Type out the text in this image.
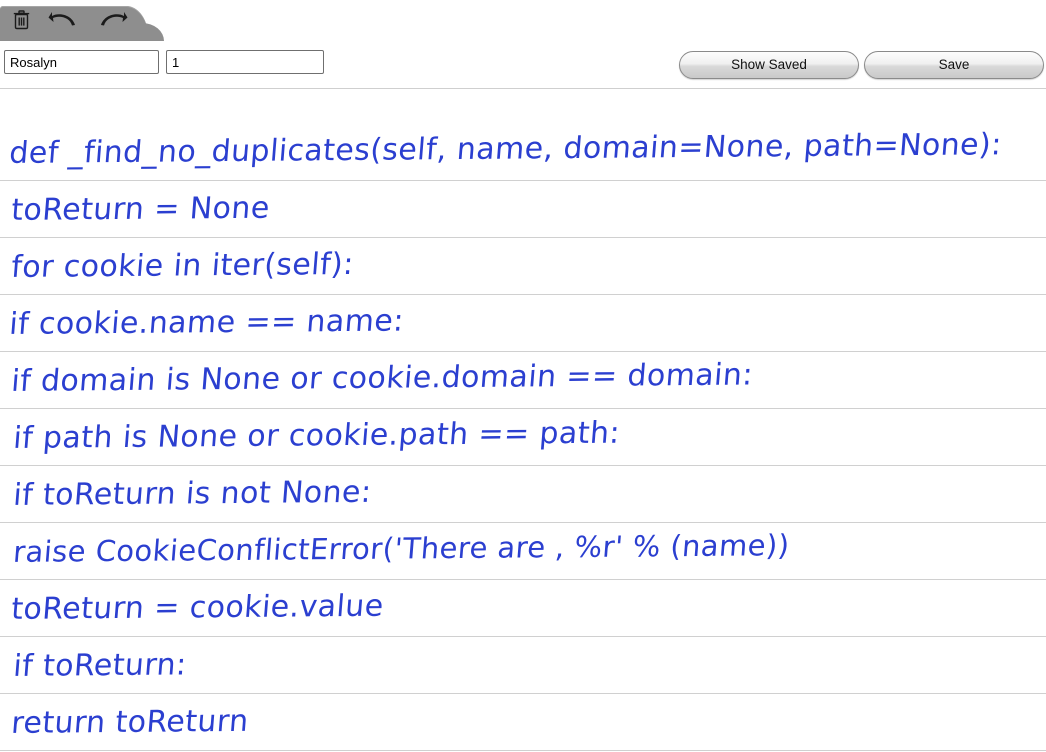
Rosalyn
1
Show Saved	Save
def _find_no_duplicates(self, name, domain=None, path=None):
toReturn = None
for cookie in iter(self):
if cookie.name == name:
if domain is None or cookie.domain == domain:
if path is None or cookie.path == path:
if toReturn is not None:
raise CookieConflictError('There are , %r' % (name))
toReturn = cookie.value
if toReturn:
return toReturn
